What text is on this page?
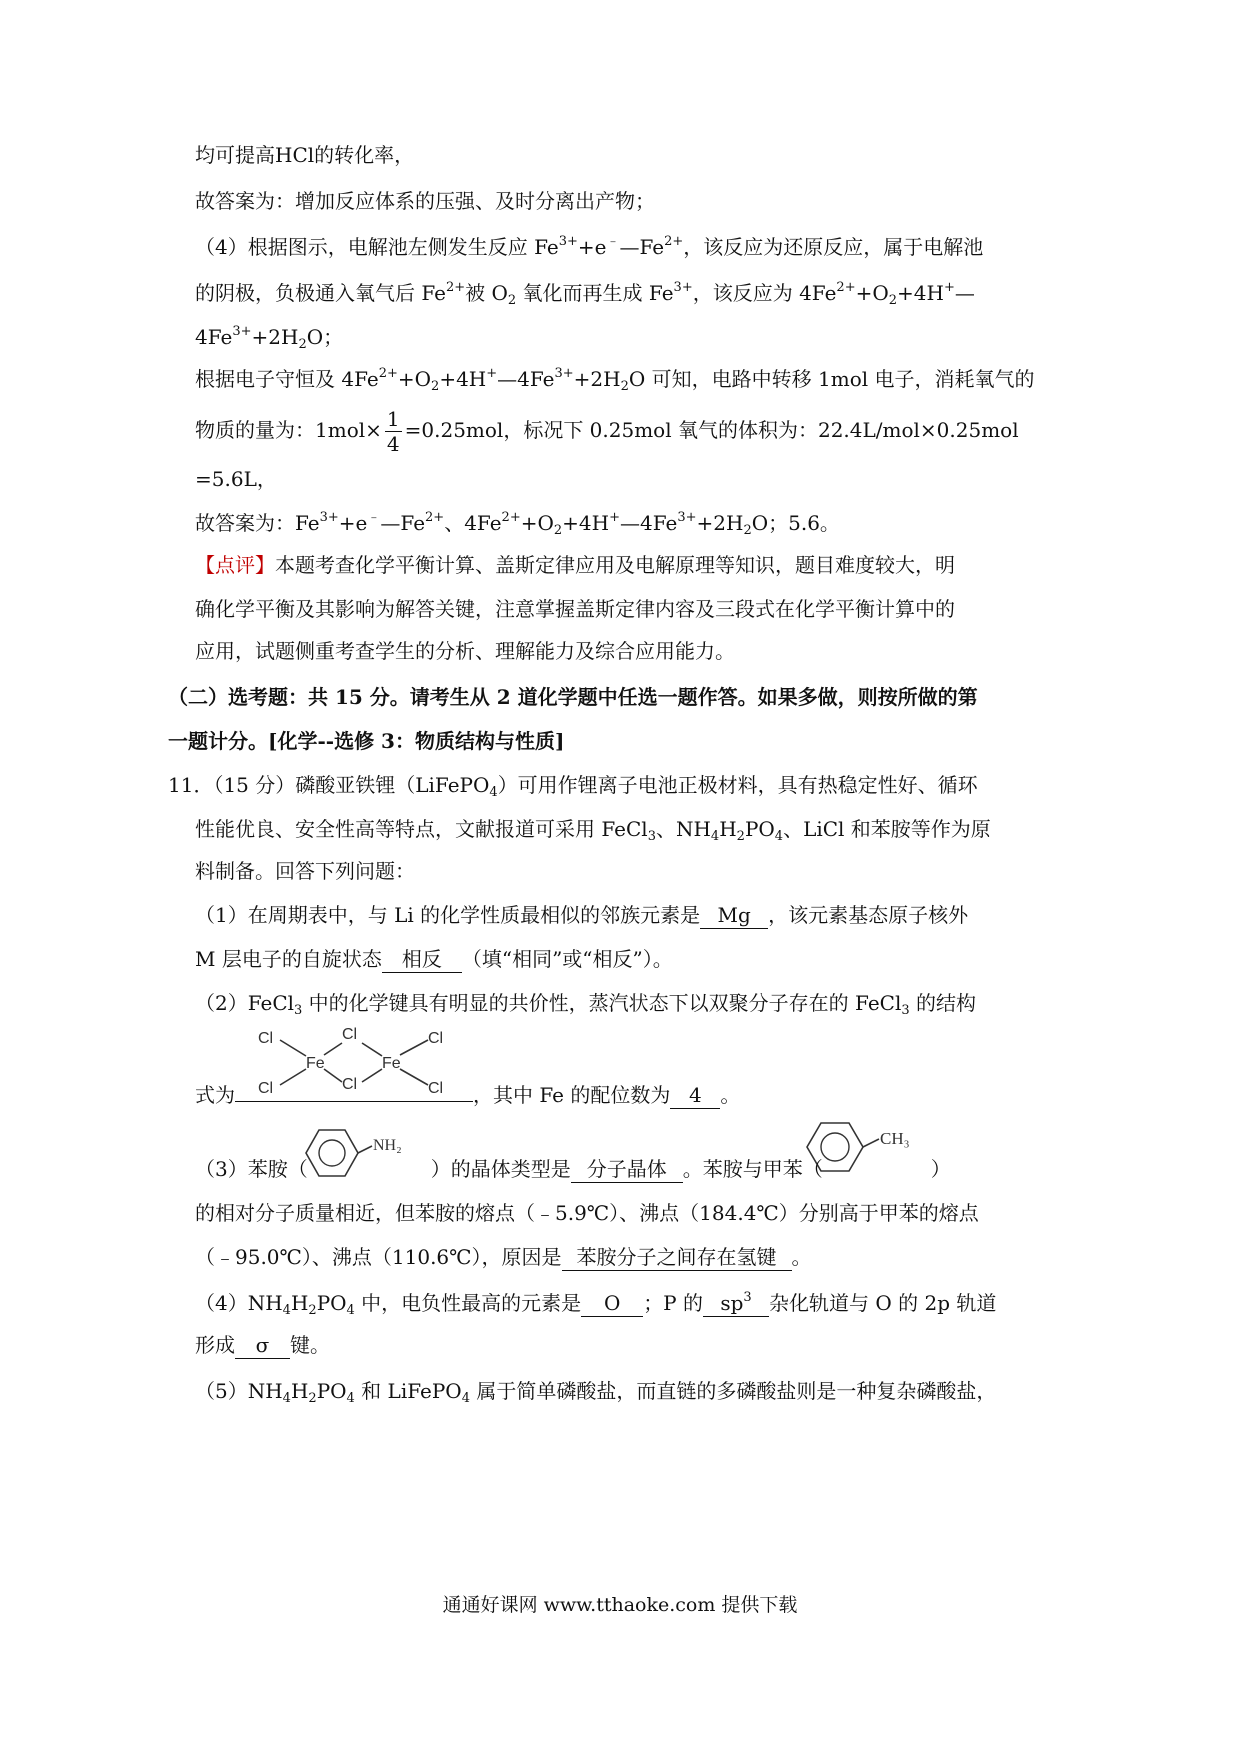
均可提高HCl的转化率，
故答案为：增加反应体系的压强、及时分离出产物；
（4）根据图示，电解池左侧发生反应 $Fe^{3+}+e^﹣—Fe^{2+}$，该反应为还原反应，属于电解池
的阴极，负极通入氧气后 $Fe^{2+}$被 $O_2$ 氧化而再生成 $Fe^{3+}$，该反应为 $4Fe^{2+}+O_2+4H^+—$
$4Fe^{3+}+2H_2O$；
根据电子守恒及 $4Fe^{2+}+O_2+4H^+—4Fe^{3+}+2H_2O$ 可知，电路中转移 1mol 电子，消耗氧气的
物质的量为：$1mol\times \frac{1}{4} =0.25mol$，标况下 0.25mol 氧气的体积为：22.4L/mol×0.25mol
=5.6L，
故答案为：$Fe^{3+}+e^﹣—Fe^{2+}$、$4Fe^{2+}+O_2+4H^+—4Fe^{3+}+2H_2O$；5.6。
【点评】本题考查化学平衡计算、盖斯定律应用及电解原理等知识，题目难度较大，明
确化学平衡及其影响为解答关键，注意掌握盖斯定律内容及三段式在化学平衡计算中的
应用，试题侧重考查学生的分析、理解能力及综合应用能力。
（二）选考题：共 15 分。请考生从 2 道化学题中任选一题作答。如果多做，则按所做的第
一题计分。[化学--选修 3：物质结构与性质]
11．（15 分）磷酸亚铁锂（LiFePO$_4$）可用作锂离子电池正极材料，具有热稳定性好、循环
性能优良、安全性高等特点，文献报道可采用 FeCl$_3$、$NH_4H_2PO_4$、LiCl 和苯胺等作为原
料制备。回答下列问题：
（1）在周期表中，与 Li 的化学性质最相似的邻族元素是 Mg ，该元素基态原子核外
M 层电子的自旋状态 相反 （填“相同”或“相反”）。
（2）FeCl$_3$ 中的化学键具有明显的共价性，蒸汽状态下以双聚分子存在的 FeCl$_3$ 的结构
Cl
Cl
Cl
Cl
Cl
Cl
Fe	Fe
式为	，其中 Fe 的配位数为 4 。
NH₂	CH₃
（3）苯胺（	）的晶体类型是 分子晶体 。苯胺与甲苯（	）
的相对分子质量相近，但苯胺的熔点（﹣5.9℃）、沸点（184.4℃）分别高于甲苯的熔点
（﹣95.0℃）、沸点（110.6℃），原因是 苯胺分子之间存在氢键 。
$(4)NH_4H_2PO_4$ 中，电负性最高的元素是 O ；P 的 $sp^3$ 杂化轨道与 O 的 2p 轨道
形成 σ 键。
$(5)NH_4H_2PO_4$ 和 LiFePO$_4$ 属于简单磷酸盐，而直链的多磷酸盐则是一种复杂磷酸盐，
通通好课网 www.tthaoke.com 提供下载
